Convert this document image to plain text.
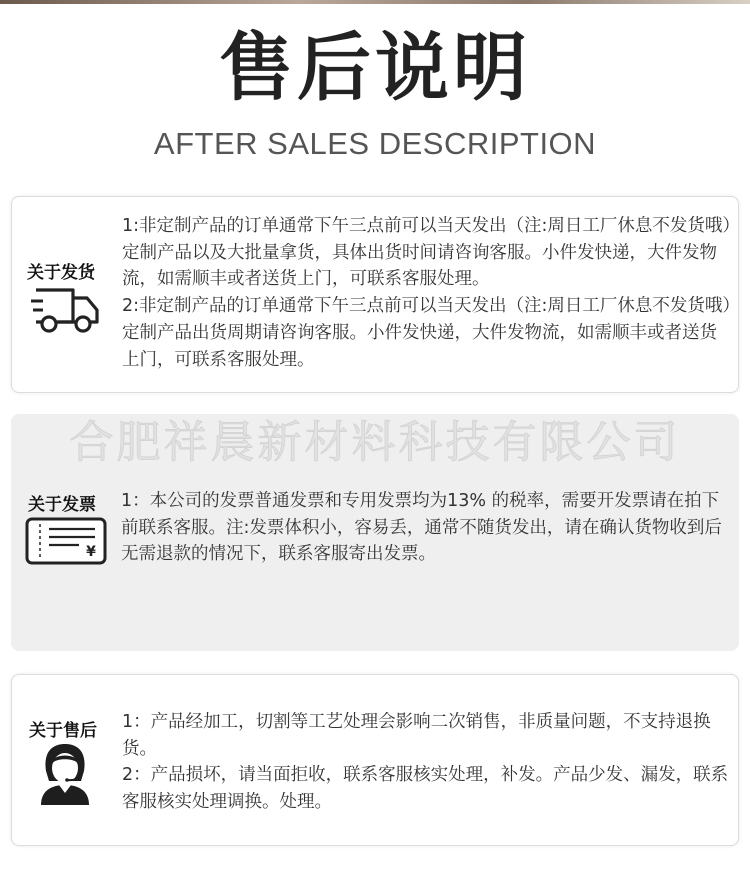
售后说明
AFTER SALES DESCRIPTION
关于发货

1:非定制产品的订单通常下午三点前可以当天发出（注:周日工厂休息不发货哦）定制产品以及大批量拿货，具体出货时间请咨询客服。小件发快递，大件发物流，如需顺丰或者送货上门，可联系客服处理。

2:非定制产品的订单通常下午三点前可以当天发出（注:周日工厂休息不发货哦）定制产品出货周期请咨询客服。小件发快递，大件发物流，如需顺丰或者送货上门，可联系客服处理。

合肥祥晨新材料科技有限公司
关于发票
¥

1：本公司的发票普通发票和专用发票均为13% 的税率，需要开发票请在拍下前联系客服。注:发票体积小，容易丢，通常不随货发出，请在确认货物收到后无需退款的情况下，联系客服寄出发票。

关于售后 1：产品经加工，切割等工艺处理会影响二次销售，非质量问题，不支持退换货。

2：产品损坏，请当面拒收，联系客服核实处理，补发。产品少发、漏发，联系客服核实处理调换。处理。
